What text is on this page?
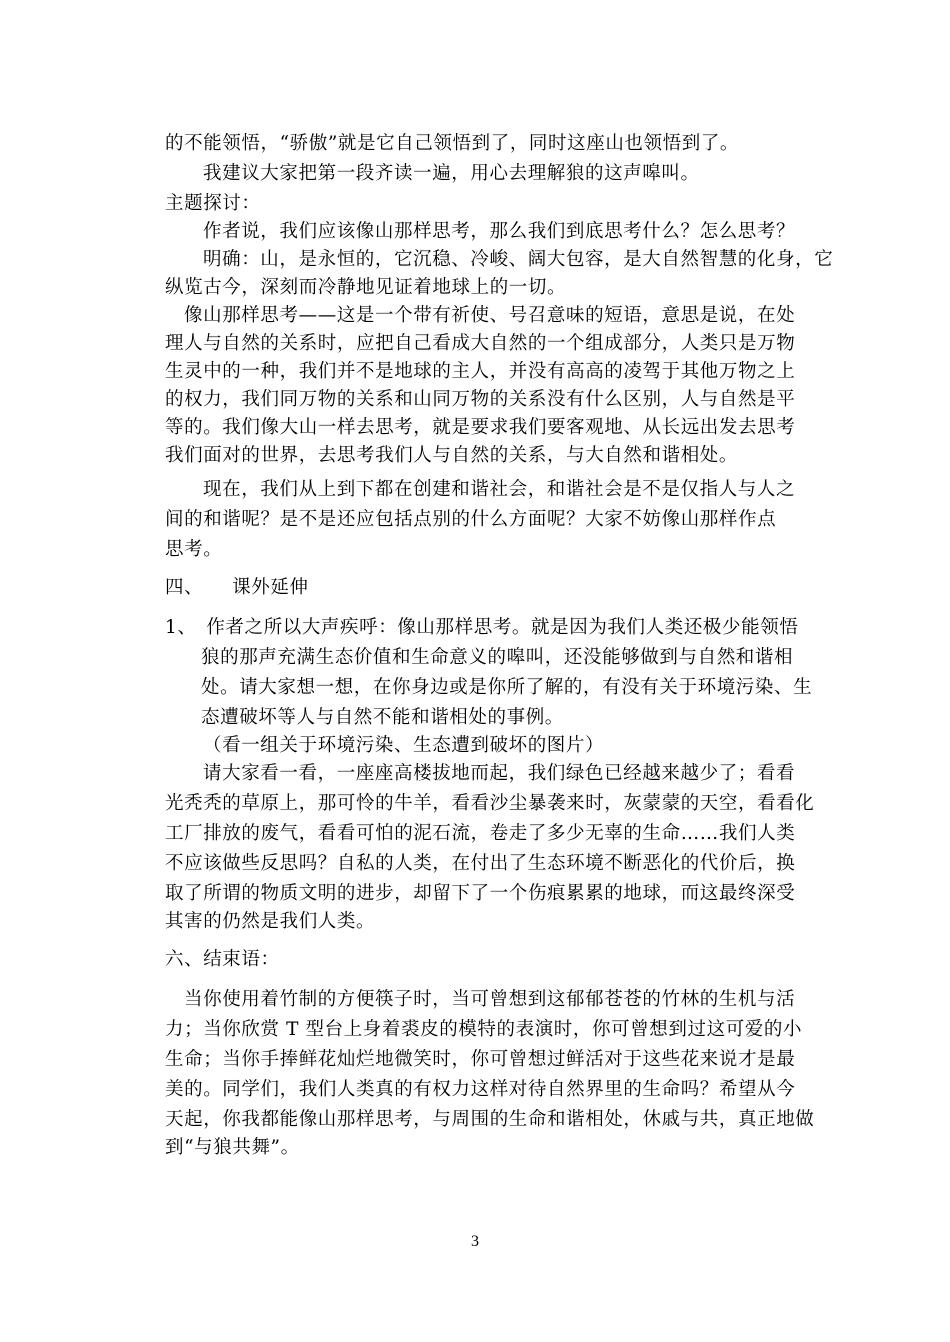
的不能领悟，“骄傲”就是它自己领悟到了，同时这座山也领悟到了。
我建议大家把第一段齐读一遍，用心去理解狼的这声嗥叫。
主题探讨：
作者说，我们应该像山那样思考，那么我们到底思考什么？怎么思考？
明确：山，是永恒的，它沉稳、冷峻、阔大包容，是大自然智慧的化身，它
纵览古今，深刻而冷静地见证着地球上的一切。
像山那样思考——这是一个带有祈使、号召意味的短语，意思是说，在处
理人与自然的关系时，应把自己看成大自然的一个组成部分，人类只是万物
生灵中的一种，我们并不是地球的主人，并没有高高的凌驾于其他万物之上
的权力，我们同万物的关系和山同万物的关系没有什么区别，人与自然是平
等的。我们像大山一样去思考，就是要求我们要客观地、从长远出发去思考
我们面对的世界，去思考我们人与自然的关系，与大自然和谐相处。
现在，我们从上到下都在创建和谐社会，和谐社会是不是仅指人与人之
间的和谐呢？是不是还应包括点别的什么方面呢？大家不妨像山那样作点
思考。
四、　　课外延伸
1、　作者之所以大声疾呼：像山那样思考。就是因为我们人类还极少能领悟
狼的那声充满生态价值和生命意义的嗥叫，还没能够做到与自然和谐相
处。请大家想一想，在你身边或是你所了解的，有没有关于环境污染、生
态遭破坏等人与自然不能和谐相处的事例。
（看一组关于环境污染、生态遭到破坏的图片）
请大家看一看，一座座高楼拔地而起，我们绿色已经越来越少了；看看
光秃秃的草原上，那可怜的牛羊，看看沙尘暴袭来时，灰蒙蒙的天空，看看化
工厂排放的废气，看看可怕的泥石流，卷走了多少无辜的生命……我们人类
不应该做些反思吗？自私的人类，在付出了生态环境不断恶化的代价后，换
取了所谓的物质文明的进步，却留下了一个伤痕累累的地球，而这最终深受
其害的仍然是我们人类。
六、结束语：
当你使用着竹制的方便筷子时，当可曾想到这郁郁苍苍的竹林的生机与活
力；当你欣赏 T 型台上身着裘皮的模特的表演时，你可曾想到过这可爱的小
生命；当你手捧鲜花灿烂地微笑时，你可曾想过鲜活对于这些花来说才是最
美的。同学们，我们人类真的有权力这样对待自然界里的生命吗？希望从今
天起，你我都能像山那样思考，与周围的生命和谐相处，休戚与共，真正地做
到“与狼共舞”。
3
